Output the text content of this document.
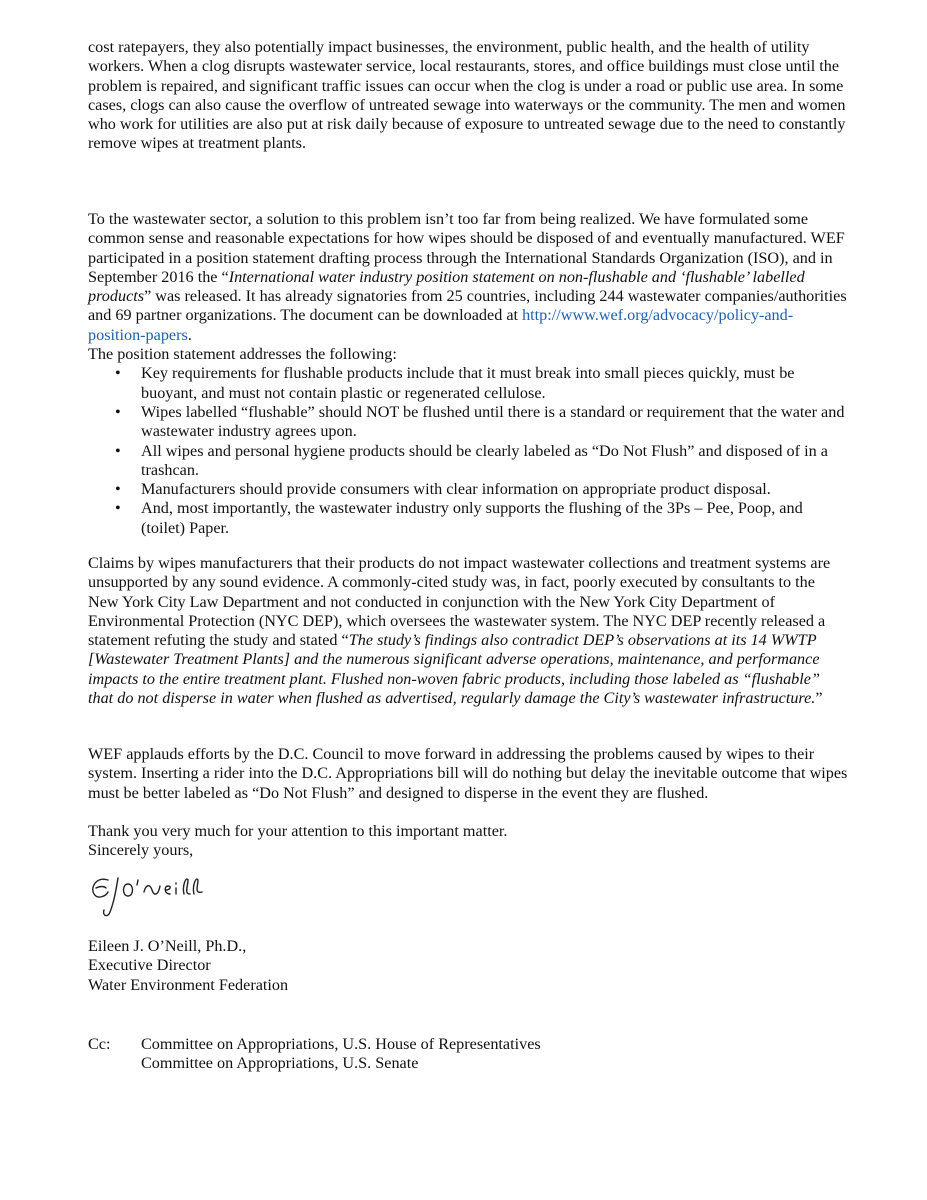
cost ratepayers, they also potentially impact businesses, the environment, public health, and the health of utility workers. When a clog disrupts wastewater service, local restaurants, stores, and office buildings must close until the problem is repaired, and significant traffic issues can occur when the clog is under a road or public use area. In some cases, clogs can also cause the overflow of untreated sewage into waterways or the community. The men and women who work for utilities are also put at risk daily because of exposure to untreated sewage due to the need to constantly remove wipes at treatment plants.

To the wastewater sector, a solution to this problem isn’t too far from being realized. We have formulated some common sense and reasonable expectations for how wipes should be disposed of and eventually manufactured. WEF participated in a position statement drafting process through the International Standards Organization (ISO), and in September 2016 the “International water industry position statement on non-flushable and ‘flushable’ labelled products” was released. It has already signatories from 25 countries, including 244 wastewater companies/authorities and 69 partner organizations. The document can be downloaded at http://www.wef.org/advocacy/policy-and-position-papers.

The position statement addresses the following:

• Key requirements for flushable products include that it must break into small pieces quickly, must be buoyant, and must not contain plastic or regenerated cellulose.
• Wipes labelled “flushable” should NOT be flushed until there is a standard or requirement that the water and wastewater industry agrees upon.
• All wipes and personal hygiene products should be clearly labeled as “Do Not Flush” and disposed of in a trashcan.
• Manufacturers should provide consumers with clear information on appropriate product disposal.
• And, most importantly, the wastewater industry only supports the flushing of the 3Ps – Pee, Poop, and (toilet) Paper.

Claims by wipes manufacturers that their products do not impact wastewater collections and treatment systems are unsupported by any sound evidence. A commonly-cited study was, in fact, poorly executed by consultants to the New York City Law Department and not conducted in conjunction with the New York City Department of Environmental Protection (NYC DEP), which oversees the wastewater system. The NYC DEP recently released a statement refuting the study and stated “The study’s findings also contradict DEP’s observations at its 14 WWTP [Wastewater Treatment Plants] and the numerous significant adverse operations, maintenance, and performance impacts to the entire treatment plant. Flushed non-woven fabric products, including those labeled as “flushable” that do not disperse in water when flushed as advertised, regularly damage the City’s wastewater infrastructure.”

WEF applauds efforts by the D.C. Council to move forward in addressing the problems caused by wipes to their system. Inserting a rider into the D.C. Appropriations bill will do nothing but delay the inevitable outcome that wipes must be better labeled as “Do Not Flush” and designed to disperse in the event they are flushed.

Thank you very much for your attention to this important matter.

Sincerely yours,

Eileen J. O’Neill, Ph.D.,

Executive Director

Water Environment Federation

Cc:	Committee on Appropriations, U.S. House of Representatives

Committee on Appropriations, U.S. Senate
